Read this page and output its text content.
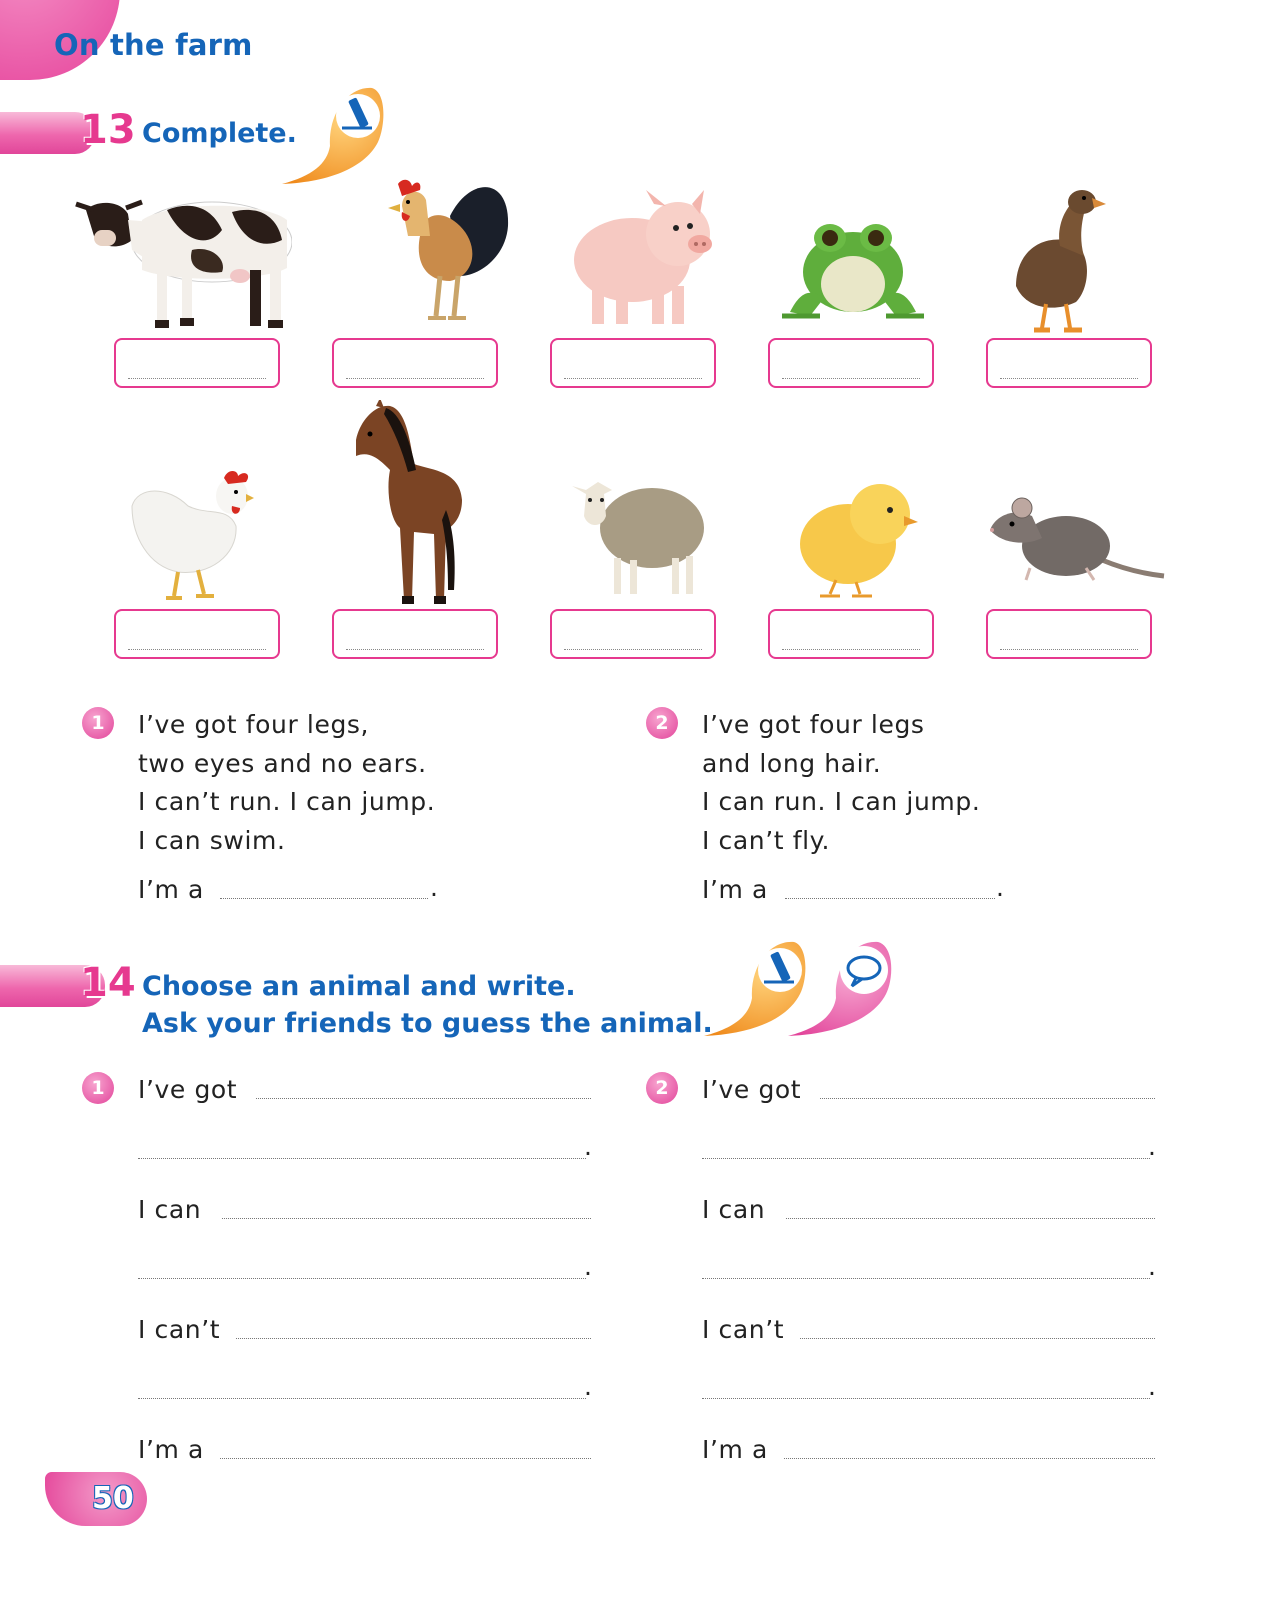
On the farm
13 Complete.
1	I’ve got four legs,
two eyes and no ears.
I can’t run. I can jump.
I can swim.
I’m a	.
2	I’ve got four legs
and long hair.
I can run. I can jump.
I can’t fly.
I’m a	.
14 Choose an animal and write.
Ask your friends to guess the animal.
1	I’ve got
.
I can
.
I can’t
.
I’m a
2	I’ve got
.
I can
.
I can’t
.
I’m a
50
